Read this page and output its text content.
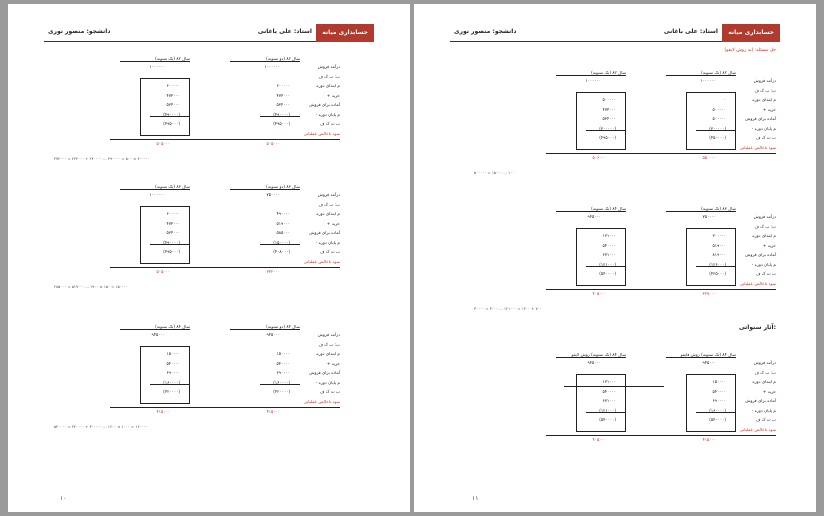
حسابداری میانه
استاد: علی باغانی
دانشجو: منصور نوری
۱۰
درآمد فروش
ب: ب ک ف
م ابتدای دوره
+ خرید
آماده برای فروش
- م پایان دوره
ب ت ک ف
سود ناخالص عملیاتی
سال ۸۲ (دو ستونه)
سال ۸۲ (تک ستونه)
۱۰۰۰۰۰۰
۱۰۰۰۰۰۰
۶۰۰۰۰۰
۴۷۴۰۰۰
۵۳۴۰۰۰
(۴۹۰۰۰۰)
(۴۹۵۰۰۰)
۶۰۰۰۰۰
۴۷۴۰۰۰
۵۳۴۰۰۰
(۴۹۰۰۰۰)
(۴۹۵۰۰۰)
۵۰۵۰۰۰
۵۰۵۰۰۰
۴۷۴۰۰۰ = ۲۲۴۰۰۰ + ۲۴۰۰۰۰ ... ۴۹۰۰۰۰ = ۵۰۰ × ۴۰۰۰۰۰
درآمد فروش
ب: ب ک ف
م ابتدای دوره
+ خرید
آماده برای فروش
- م پایان دوره
ب ت ک ف
سود ناخالص عملیاتی
سال ۸۳ (دو ستونه)
سال ۸۳ (تک ستونه)
۷۵۰۰۰۰
۱۰۰۰۰۰۰
۴۹۰۰۰۰
۵۱۹۰۰۰
۵۸۵۰۰۰
(۱۵۰۰۰۰)
(۴۰۸۰۰۰)
۶۰۰۰۰۰
۴۷۴۰۰۰
۵۳۴۰۰۰
(۴۹۰۰۰۰)
(۴۹۵۰۰۰)
۳۴۲۰۰۰
۵۰۵۰۰۰
۲۸۵۰۰۰ = ۵۱۹۰۰۰ ... ۱۹۰۰ × ۱۵۰ = ۱۵۰۰۰۰
درآمد فروش
ب: ب ک ف
م ابتدای دوره
+ خرید
آماده برای فروش
- م پایان دوره
ب ت ک ف
سود ناخالص عملیاتی
سال ۸۴ (دو ستونه)
سال ۸۴ (تک ستونه)
۹۴۵۰۰۰
۹۴۵۰۰۰
۱۵۰۰۰۰
۵۴۰۰۰۰
۶۹۰۰۰۰
(۱۶۰۰۰۰)
(۴۲۰۰۰۰)
۱۵۰۰۰۰
۵۴۰۰۰۰
۶۹۰۰۰۰
(۱۶۰۰۰۰)
(۴۲۰۰۰۰)
۴۱۵۰۰۰
۴۱۵۰۰۰
۵۴۰۰۰۰ = ۲۴۰۰۰۰ + ۳۰۰۰۰۰ ... ۱۶۰۰ × ۱۰۰۰ = ۱۶۰۰۰۰
حسابداری میانه
استاد: علی باغانی
دانشجو: منصور نوری
حل مسئله: (به روش لایفو)
آثار سنواتی:
۱۱
درآمد فروش
ب: ب ک ف
م ابتدای دوره
+ خرید
آماده برای فروش
- م پایان دوره
ب ت ک ف
سود ناخالص عملیاتی
سال ۸۲ (تک ستونه)
سال ۸۲ (تک ستونه)
۱۰۰۰۰۰۰
۱۰۰۰۰۰۰
۰
۵۰۰۰۰۰
۵۰۰۰۰۰
(۳۰۰۰۰۰)
(۴۵۰۰۰۰)
۵۰۰۰۰۰
۴۷۴۰۰۰
۵۳۴۰۰۰
(۳۰۰۰۰۰)
(۴۹۵۰۰۰)
۵۵۰۰۰۰
۵۰۶۰۰۰
۵۰۰۰۰۰ = ۱۵۰۰۰ ... ۱۰۰
درآمد فروش
ب: ب ک ف
م ابتدای دوره
+ خرید
آماده برای فروش
- م پایان دوره
ب ت ک ف
سود ناخالص عملیاتی
سال ۸۳ (تک ستونه)
سال ۸۴ (تک ستونه)
۷۵۰۰۰۰
۹۴۵۰۰۰
۳۰۰۰۰۰
۵۱۹۰۰۰
۸۱۹۰۰۰
(۱۲۶۰۰۰)
(۴۲۵۰۰۰)
۱۳۱۰۰۰
۵۴۰۰۰۰
۶۷۱۰۰۰
(۱۲۱۰۰۰)
(۵۴۰۰۰۰)
۳۲۷۰۰۰
۴۰۵۰۰۰
۳۰۰۰۰ = ۳۰۰۰ ... ۱۲۱۰۰۰ = ۱۲۰۰ + ۷۰۰
درآمد فروش
ب: ب ک ف
م ابتدای دوره
+ خرید
آماده برای فروش
- م پایان دوره
ب ت ک ف
سود ناخالص عملیاتی
سال ۸۴ (تک ستونه) روش فایفو
سال ۸۴ (تک ستونه) روش لایفو
۹۴۵۰۰۰
۹۴۵۰۰۰
۱۵۰۰۰۰
۵۴۰۰۰۰
۶۹۰۰۰۰
(۱۶۰۰۰۰)
(۵۴۰۰۰۰)
۱۳۱۰۰۰
۵۴۰۰۰۰
۶۷۱۰۰۰
(۱۲۱۰۰۰)
(۵۴۰۰۰۰)
۴۱۵۰۰۰
۴۰۵۰۰۰
